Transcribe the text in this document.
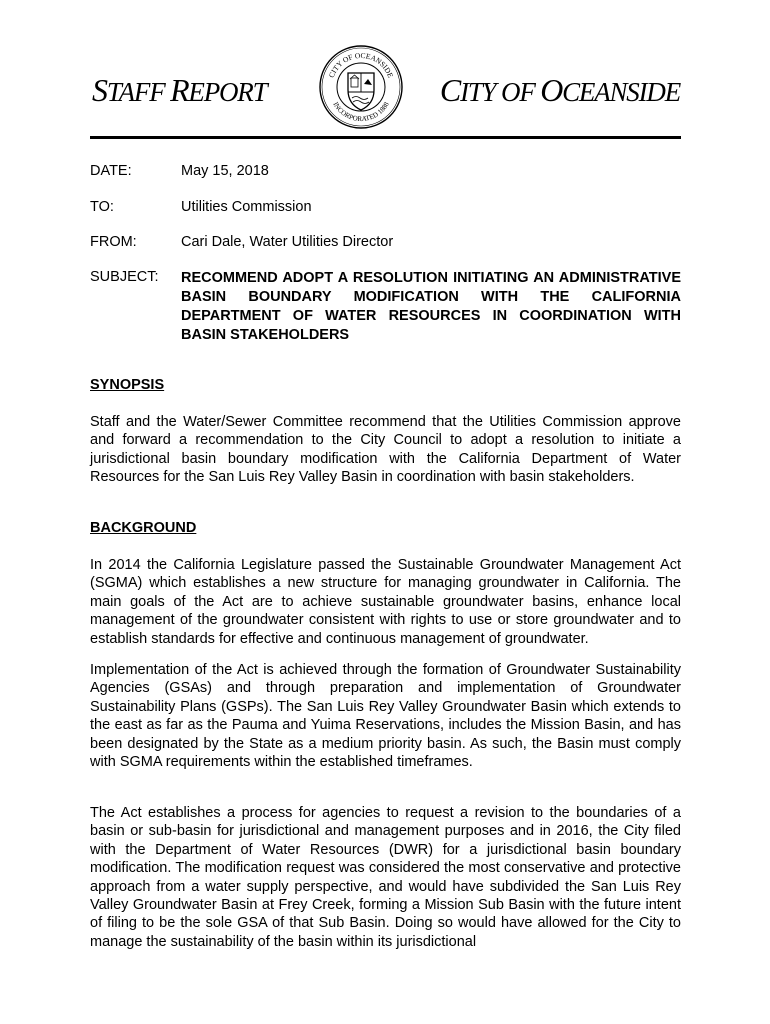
STAFF REPORT
CITY OF OCEANSIDE
INCORPORATED 1888 CITY OF OCEANSIDE
DATE:	May 15, 2018
TO:	Utilities Commission
FROM:	Cari Dale, Water Utilities Director
SUBJECT: RECOMMEND ADOPT A RESOLUTION INITIATING AN ADMINISTRATIVE BASIN BOUNDARY MODIFICATION WITH THE CALIFORNIA DEPARTMENT OF WATER RESOURCES IN COORDINATION WITH BASIN STAKEHOLDERS
SYNOPSIS
Staff and the Water/Sewer Committee recommend that the Utilities Commission approve and forward a recommendation to the City Council to adopt a resolution to initiate a jurisdictional basin boundary modification with the California Department of Water Resources for the San Luis Rey Valley Basin in coordination with basin stakeholders.
BACKGROUND
In 2014 the California Legislature passed the Sustainable Groundwater Management Act (SGMA) which establishes a new structure for managing groundwater in California. The main goals of the Act are to achieve sustainable groundwater basins, enhance local management of the groundwater consistent with rights to use or store groundwater and to establish standards for effective and continuous management of groundwater.
Implementation of the Act is achieved through the formation of Groundwater Sustainability Agencies (GSAs) and through preparation and implementation of Groundwater Sustainability Plans (GSPs). The San Luis Rey Valley Groundwater Basin which extends to the east as far as the Pauma and Yuima Reservations, includes the Mission Basin, and has been designated by the State as a medium priority basin. As such, the Basin must comply with SGMA requirements within the established timeframes.
The Act establishes a process for agencies to request a revision to the boundaries of a basin or sub-basin for jurisdictional and management purposes and in 2016, the City filed with the Department of Water Resources (DWR) for a jurisdictional basin boundary modification. The modification request was considered the most conservative and protective approach from a water supply perspective, and would have subdivided the San Luis Rey Valley Groundwater Basin at Frey Creek, forming a Mission Sub Basin with the future intent of filing to be the sole GSA of that Sub Basin. Doing so would have allowed for the City to manage the sustainability of the basin within its jurisdictional
